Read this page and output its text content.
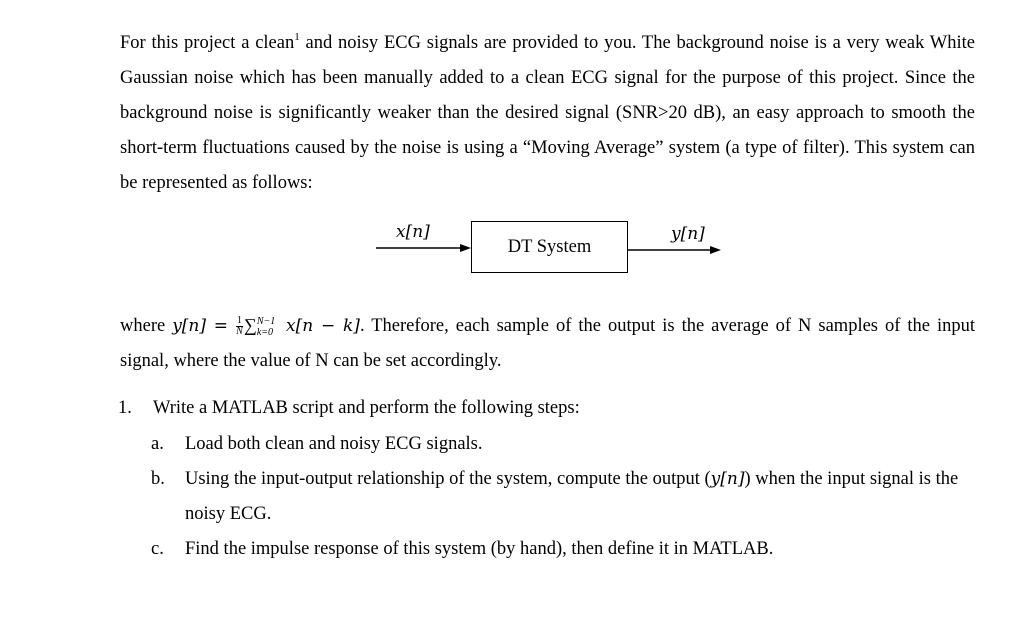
For this project a clean$^1$ and noisy ECG signals are provided to you. The background noise is a very weak White Gaussian noise which has been manually added to a clean ECG signal for the purpose of this project. Since the background noise is significantly weaker than the desired signal (SNR>20 dB), an easy approach to smooth the short-term fluctuations caused by the noise is using a “Moving Average” system (a type of filter). This system can be represented as follows:
x[n]
DT System
y[n]
where $y[n] = \frac{1}{N}$ ∑ N−1
k=0 x[n − k]. Therefore, each sample of the output is the average of N samples of the input signal, where the value of N can be set accordingly.
1. Write a MATLAB script and perform the following steps:
a. Load both clean and noisy ECG signals.
b. Using the input-output relationship of the system, compute the output (y[n]) when the input signal is the noisy ECG.
c. Find the impulse response of this system (by hand), then define it in MATLAB.
